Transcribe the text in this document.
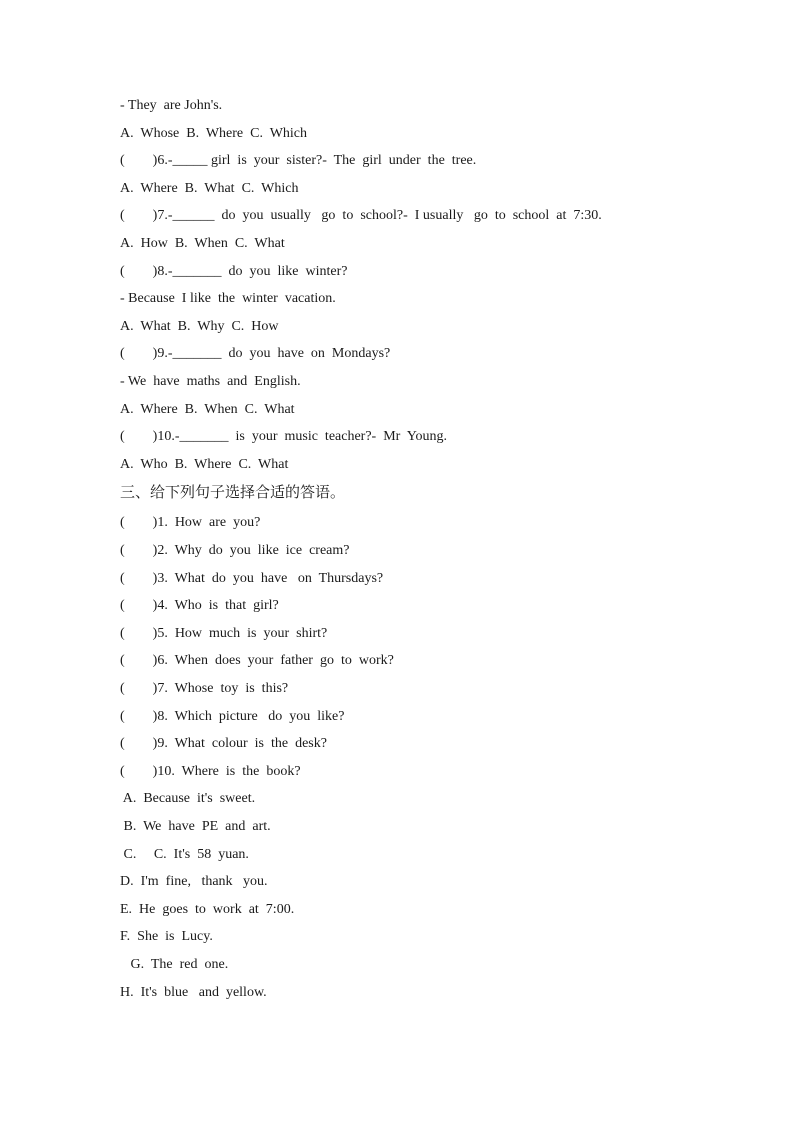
- They  are John's.
A.  Whose  B.  Where  C.  Which
(        )6.-_____ girl  is  your  sister?-  The  girl  under  the  tree.
A.  Where  B.  What  C.  Which
(        )7.-______  do  you  usually   go  to  school?-  I usually   go  to  school  at  7:30.
A.  How  B.  When  C.  What
(        )8.-_______  do  you  like  winter?
- Because  I like  the  winter  vacation.
A.  What  B.  Why  C.  How
(        )9.-_______  do  you  have  on  Mondays?
- We  have  maths  and  English.
A.  Where  B.  When  C.  What
(        )10.-_______  is  your  music  teacher?-  Mr  Young.
A.  Who  B.  Where  C.  What
三、给下列句子选择合适的答语。
(        )1.  How  are  you?
(        )2.  Why  do  you  like  ice  cream?
(        )3.  What  do  you  have   on  Thursdays?
(        )4.  Who  is  that  girl?
(        )5.  How  much  is  your  shirt?
(        )6.  When  does  your  father  go  to  work?
(        )7.  Whose  toy  is  this?
(        )8.  Which  picture   do  you  like?
(        )9.  What  colour  is  the  desk?
(        )10.  Where  is  the  book?
A.  Because  it's  sweet.
B.  We  have  PE  and  art.
C.     C.  It's  58  yuan.
D.  I'm  fine,   thank   you.
E.  He  goes  to  work  at  7:00.
F.  She  is  Lucy.
G.  The  red  one.
H.  It's  blue   and  yellow.
